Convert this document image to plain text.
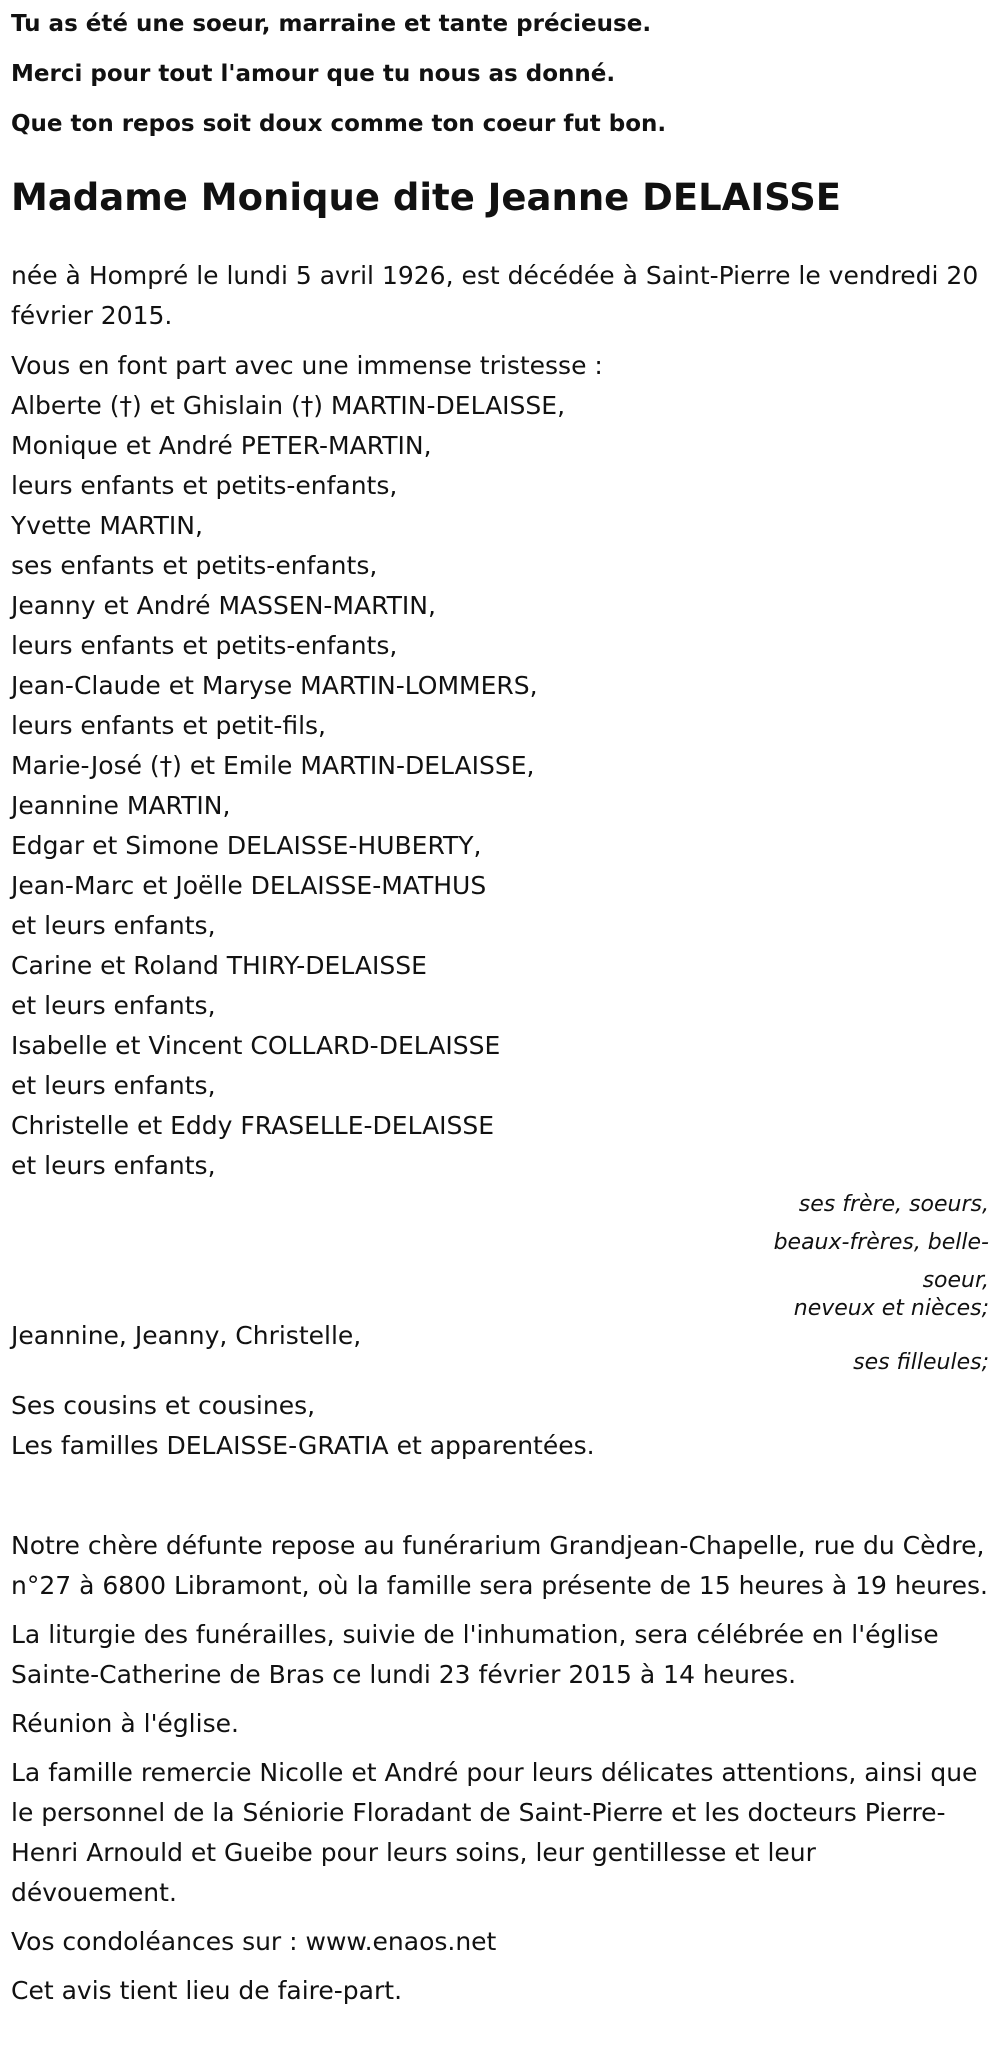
Tu as été une soeur, marraine et tante précieuse.

Merci pour tout l'amour que tu nous as donné.

Que ton repos soit doux comme ton coeur fut bon.

Madame Monique dite Jeanne DELAISSE

née à Hompré le lundi 5 avril 1926, est décédée à Saint-Pierre le vendredi 20 février 2015.

Vous en font part avec une immense tristesse :
Alberte (†) et Ghislain (†) MARTIN-DELAISSE,
Monique et André PETER-MARTIN,
leurs enfants et petits-enfants,
Yvette MARTIN,
ses enfants et petits-enfants,
Jeanny et André MASSEN-MARTIN,
leurs enfants et petits-enfants,
Jean-Claude et Maryse MARTIN-LOMMERS,
leurs enfants et petit-fils,
Marie-José (†) et Emile MARTIN-DELAISSE,
Jeannine MARTIN,
Edgar et Simone DELAISSE-HUBERTY,
Jean-Marc et Joëlle DELAISSE-MATHUS
et leurs enfants,
Carine et Roland THIRY-DELAISSE
et leurs enfants,
Isabelle et Vincent COLLARD-DELAISSE
et leurs enfants,
Christelle et Eddy FRASELLE-DELAISSE
et leurs enfants,
ses frère, soeurs, beaux-frères, belle-soeur,
neveux et nièces;
Jeannine, Jeanny, Christelle,
ses filleules;
Ses cousins et cousines,
Les familles DELAISSE-GRATIA et apparentées.

Notre chère défunte repose au funérarium Grandjean-Chapelle, rue du Cèdre, n°27 à 6800 Libramont, où la famille sera présente de 15 heures à 19 heures.

La liturgie des funérailles, suivie de l'inhumation, sera célébrée en l'église Sainte-Catherine de Bras ce lundi 23 février 2015 à 14 heures.

Réunion à l'église.

La famille remercie Nicolle et André pour leurs délicates attentions, ainsi que le personnel de la Séniorie Floradant de Saint-Pierre et les docteurs Pierre-Henri Arnould et Gueibe pour leurs soins, leur gentillesse et leur dévouement.

Vos condoléances sur : www.enaos.net

Cet avis tient lieu de faire-part.
